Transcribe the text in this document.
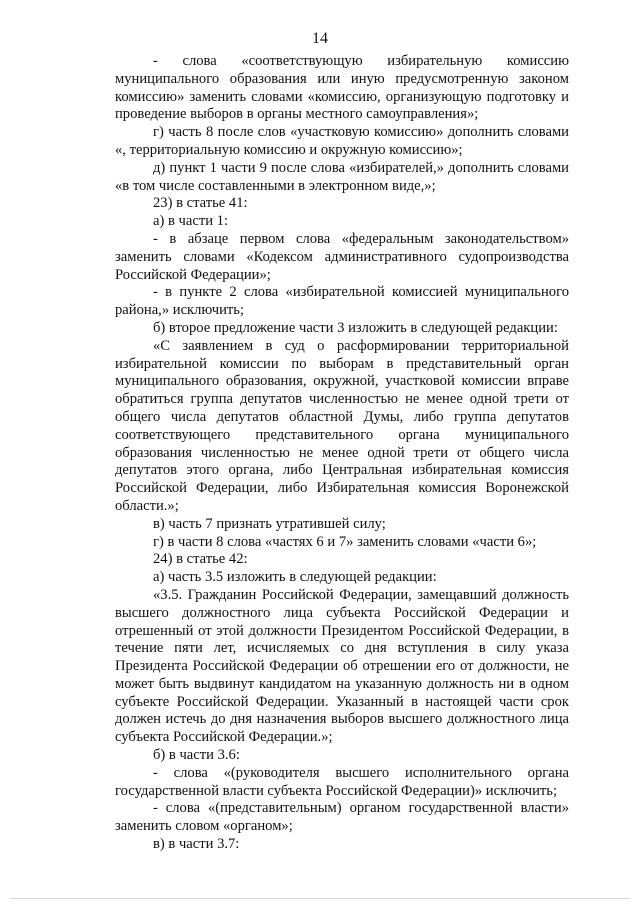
14

- слова «соответствующую избирательную комиссию муниципального образования или иную предусмотренную законом комиссию» заменить словами «комиссию, организующую подготовку и проведение выборов в органы местного самоуправления»;

г) часть 8 после слов «участковую комиссию» дополнить словами «, территориальную комиссию и окружную комиссию»;

д) пункт 1 части 9 после слова «избирателей,» дополнить словами «в том числе составленными в электронном виде,»;

23) в статье 41:

а) в части 1:

- в абзаце первом слова «федеральным законодательством» заменить словами «Кодексом административного судопроизводства Российской Федерации»;

- в пункте 2 слова «избирательной комиссией муниципального района,» исключить;

б) второе предложение части 3 изложить в следующей редакции:

«С заявлением в суд о расформировании территориальной избирательной комиссии по выборам в представительный орган муниципального образования, окружной, участковой комиссии вправе обратиться группа депутатов численностью не менее одной трети от общего числа депутатов областной Думы, либо группа депутатов соответствующего представительного органа муниципального образования численностью не менее одной трети от общего числа депутатов этого органа, либо Центральная избирательная комиссия Российской Федерации, либо Избирательная комиссия Воронежской области.»;

в) часть 7 признать утратившей силу;

г) в части 8 слова «частях 6 и 7» заменить словами «части 6»;

24) в статье 42:

а) часть 3.5 изложить в следующей редакции:

«3.5. Гражданин Российской Федерации, замещавший должность высшего должностного лица субъекта Российской Федерации и отрешенный от этой должности Президентом Российской Федерации, в течение пяти лет, исчисляемых со дня вступления в силу указа Президента Российской Федерации об отрешении его от должности, не может быть выдвинут кандидатом на указанную должность ни в одном субъекте Российской Федерации. Указанный в настоящей части срок должен истечь до дня назначения выборов высшего должностного лица субъекта Российской Федерации.»;

б) в части 3.6:

- слова «(руководителя высшего исполнительного органа государственной власти субъекта Российской Федерации)» исключить;

- слова «(представительным) органом государственной власти» заменить словом «органом»;

в) в части 3.7:
